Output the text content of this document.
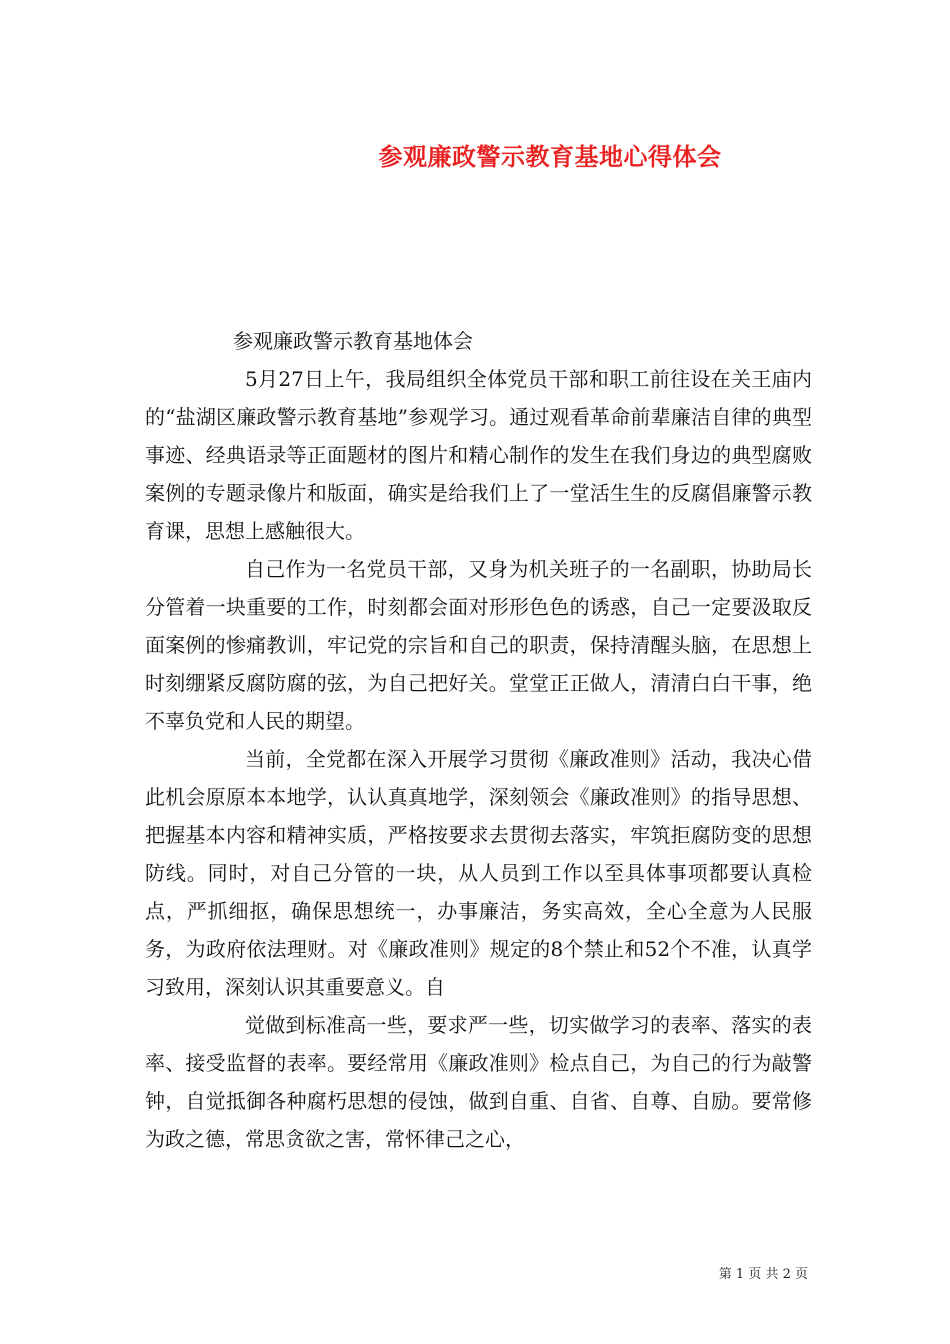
参观廉政警示教育基地心得体会

参观廉政警示教育基地体会

5月27日上午，我局组织全体党员干部和职工前往设在关王庙内的“盐湖区廉政警示教育基地”参观学习。通过观看革命前辈廉洁自律的典型事迹、经典语录等正面题材的图片和精心制作的发生在我们身边的典型腐败案例的专题录像片和版面，确实是给我们上了一堂活生生的反腐倡廉警示教育课，思想上感触很大。

自己作为一名党员干部，又身为机关班子的一名副职，协助局长分管着一块重要的工作，时刻都会面对形形色色的诱惑，自己一定要汲取反面案例的惨痛教训，牢记党的宗旨和自己的职责，保持清醒头脑，在思想上时刻绷紧反腐防腐的弦，为自己把好关。堂堂正正做人，清清白白干事，绝不辜负党和人民的期望。

当前，全党都在深入开展学习贯彻《廉政准则》活动，我决心借此机会原原本本地学，认认真真地学，深刻领会《廉政准则》的指导思想、把握基本内容和精神实质，严格按要求去贯彻去落实，牢筑拒腐防变的思想防线。同时，对自己分管的一块，从人员到工作以至具体事项都要认真检点，严抓细抠，确保思想统一，办事廉洁，务实高效，全心全意为人民服务，为政府依法理财。对《廉政准则》规定的8个禁止和52个不准，认真学习致用，深刻认识其重要意义。自

觉做到标准高一些，要求严一些，切实做学习的表率、落实的表率、接受监督的表率。要经常用《廉政准则》检点自己，为自己的行为敲警钟，自觉抵御各种腐朽思想的侵蚀，做到自重、自省、自尊、自励。要常修为政之德，常思贪欲之害，常怀律己之心，

第 1 页 共 2 页
